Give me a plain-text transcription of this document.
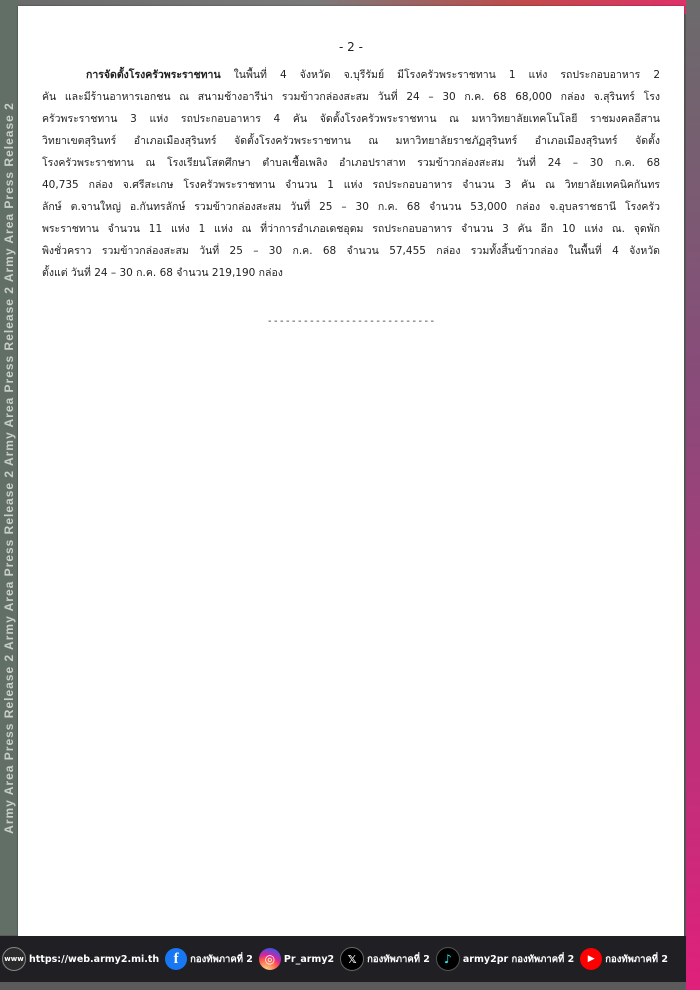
Army Area Press Release 2 Army Area Press Release 2 Army Area Press Release 2 Army Area Press Release 2
- 2 -
การจัดตั้งโรงครัวพระราชทาน ในพื้นที่ 4 จังหวัด จ.บุรีรัมย์ มีโรงครัวพระราชทาน 1 แห่ง รถประกอบอาหาร 2
คัน และมีร้านอาหารเอกชน ณ สนามช้างอารีน่า รวมข้าวกล่องสะสม วันที่ 24 – 30 ก.ค. 68 68,000 กล่อง จ.สุรินทร์ โรง
ครัวพระราชทาน 3 แห่ง รถประกอบอาหาร 4 คัน จัดตั้งโรงครัวพระราชทาน ณ มหาวิทยาลัยเทคโนโลยี ราชมงคลอีสาน
วิทยาเขตสุรินทร์ อำเภอเมืองสุรินทร์ จัดตั้งโรงครัวพระราชทาน ณ มหาวิทยาลัยราชภัฏสุรินทร์ อำเภอเมืองสุรินทร์ จัดตั้ง
โรงครัวพระราชทาน ณ โรงเรียนโสตศึกษา ตำบลเชื้อเพลิง อำเภอปราสาท รวมข้าวกล่องสะสม วันที่ 24 – 30 ก.ค. 68
40,735 กล่อง จ.ศรีสะเกษ โรงครัวพระราชทาน จำนวน 1 แห่ง รถประกอบอาหาร จำนวน 3 คัน ณ วิทยาลัยเทคนิคกันทร
ลักษ์ ต.จานใหญ่ อ.กันทรลักษ์ รวมข้าวกล่องสะสม วันที่ 25 – 30 ก.ค. 68 จำนวน 53,000 กล่อง จ.อุบลราชธานี โรงครัว
พระราชทาน จำนวน 11 แห่ง 1 แห่ง ณ ที่ว่าการอำเภอเดชอุดม รถประกอบอาหาร จำนวน 3 คัน อีก 10 แห่ง ณ. จุดพัก
พิงชั่วคราว รวมข้าวกล่องสะสม วันที่ 25 – 30 ก.ค. 68 จำนวน 57,455 กล่อง รวมทั้งสิ้นข้าวกล่อง ในพื้นที่ 4 จังหวัด
ตั้งแต่ วันที่ 24 – 30 ก.ค. 68 จำนวน 219,190 กล่อง
----------------------------
www https://web.army2.mi.th f	กองทัพภาคที่ 2 ◎ Pr_army2	𝕏	กองทัพภาคที่ 2	♪	army2pr กองทัพภาคที่ 2	▶	กองทัพภาคที่ 2
